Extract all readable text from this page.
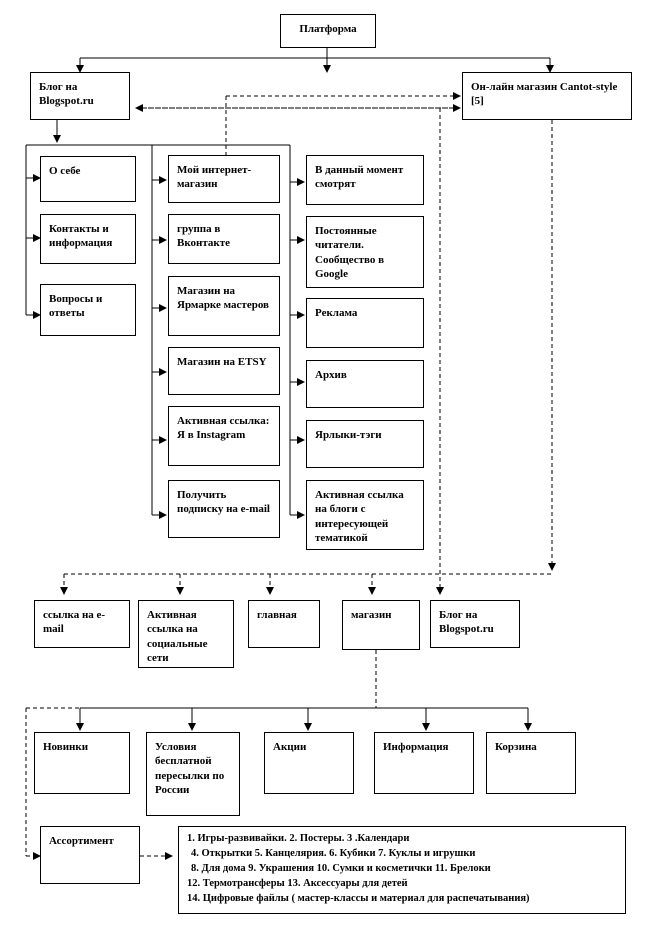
Платформа
Блог на Blogspot.ru
Он-лайн магазин Cantot-style [5]
О себе
Контакты и информация
Вопросы и ответы
Мой интернет-магазин
группа в Вконтакте
Магазин на Ярмарке мастеров
Магазин на ETSY
Активная ссылка: Я в Instagram
Получить подписку на e-mail
В данный момент смотрят
Постоянные читатели. Сообщество в Google
Реклама
Архив
Ярлыки-тэги
Активная ссылка на блоги с интересующей тематикой
ссылка на e-mail
Активная ссылка на социальные сети
главная	магазин	Блог на Blogspot.ru
Новинки	Условия бесплатной пересылки по России
Акции	Информация	Корзина
Ассортимент	1. Игры-развивайки. 2. Постеры. 3 .Календари
4. Открытки 5. Канцелярия. 6. Кубики 7. Куклы и игрушки
8. Для дома 9. Украшения 10. Сумки и косметички 11. Брелоки
12. Термотрансферы 13. Аксессуары для детей
14. Цифровые файлы ( мастер-классы и материал для распечатывания)
